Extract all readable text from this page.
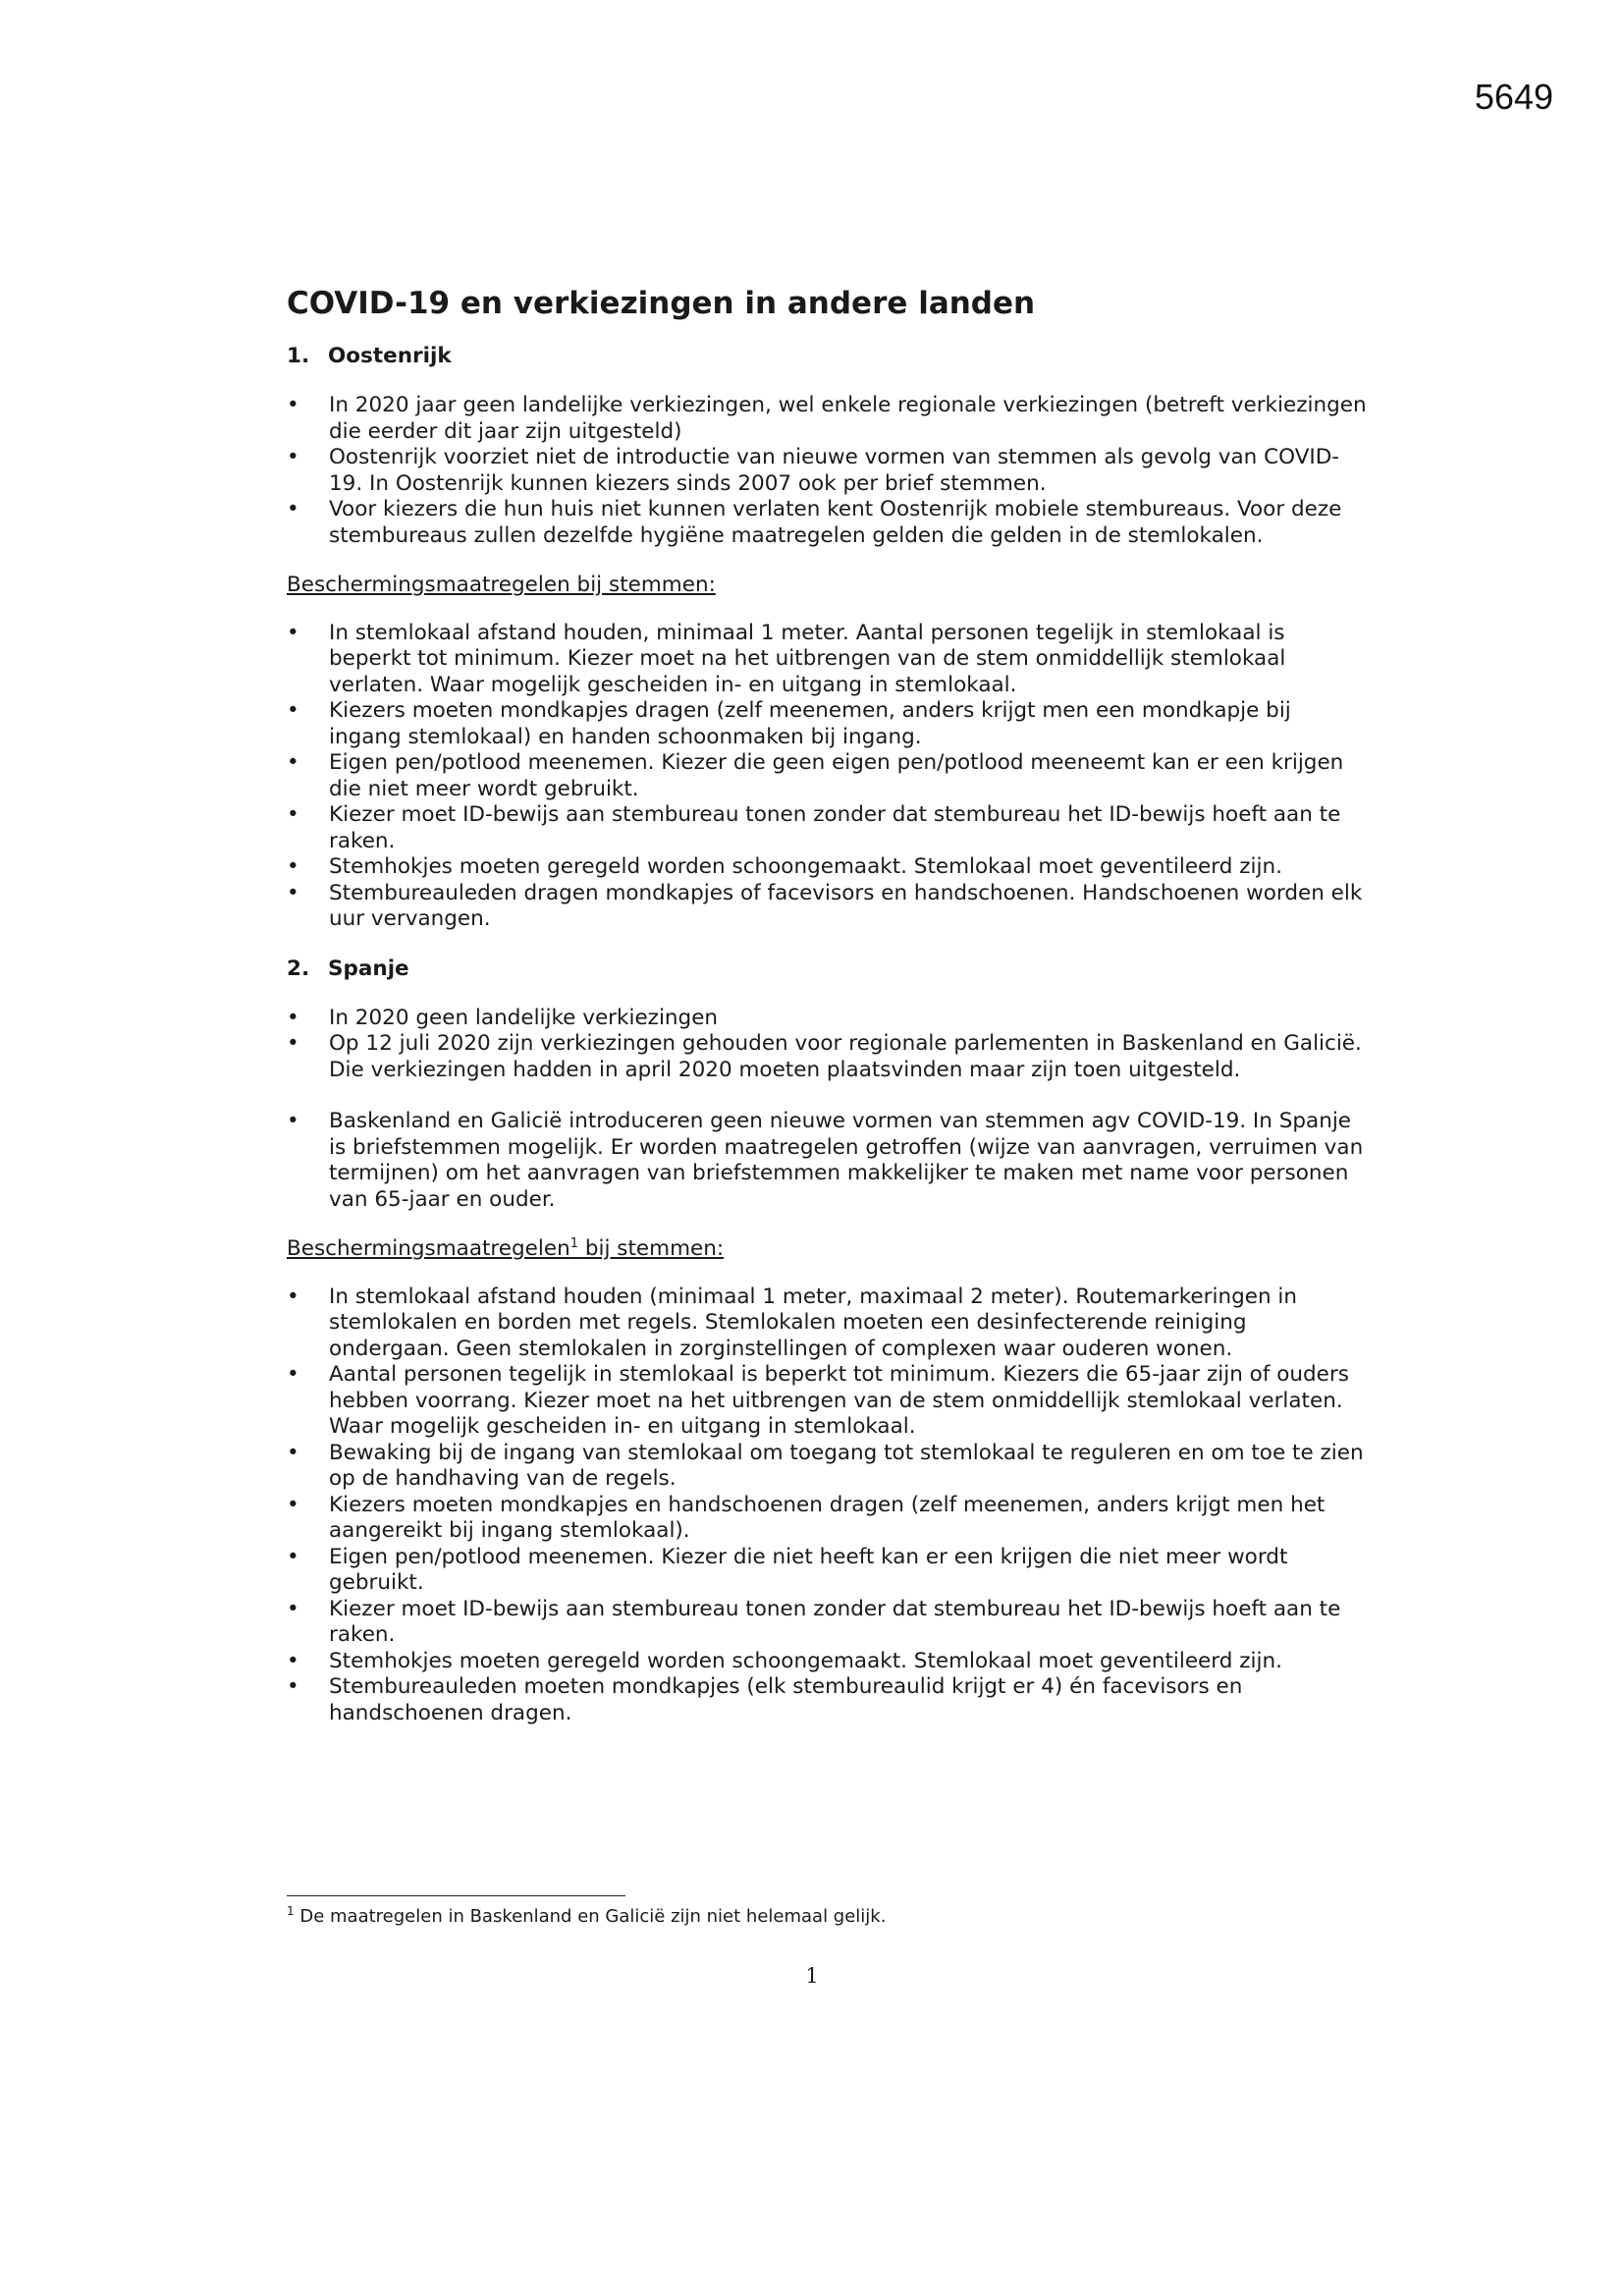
5649
COVID-19 en verkiezingen in andere landen
1. Oostenrijk
• In 2020 jaar geen landelijke verkiezingen, wel enkele regionale verkiezingen (betreft verkiezingen die eerder dit jaar zijn uitgesteld)
• Oostenrijk voorziet niet de introductie van nieuwe vormen van stemmen als gevolg van COVID-19. In Oostenrijk kunnen kiezers sinds 2007 ook per brief stemmen.
• Voor kiezers die hun huis niet kunnen verlaten kent Oostenrijk mobiele stembureaus. Voor deze stembureaus zullen dezelfde hygiëne maatregelen gelden die gelden in de stemlokalen.
Beschermingsmaatregelen bij stemmen:
• In stemlokaal afstand houden, minimaal 1 meter. Aantal personen tegelijk in stemlokaal is beperkt tot minimum. Kiezer moet na het uitbrengen van de stem onmiddellijk stemlokaal verlaten. Waar mogelijk gescheiden in- en uitgang in stemlokaal.
• Kiezers moeten mondkapjes dragen (zelf meenemen, anders krijgt men een mondkapje bij ingang stemlokaal) en handen schoonmaken bij ingang.
• Eigen pen/potlood meenemen. Kiezer die geen eigen pen/potlood meeneemt kan er een krijgen die niet meer wordt gebruikt.
• Kiezer moet ID-bewijs aan stembureau tonen zonder dat stembureau het ID-bewijs hoeft aan te raken.
• Stemhokjes moeten geregeld worden schoongemaakt. Stemlokaal moet geventileerd zijn.
• Stembureauleden dragen mondkapjes of facevisors en handschoenen. Handschoenen worden elk uur vervangen.
2. Spanje
• In 2020 geen landelijke verkiezingen
• Op 12 juli 2020 zijn verkiezingen gehouden voor regionale parlementen in Baskenland en Galicië. Die verkiezingen hadden in april 2020 moeten plaatsvinden maar zijn toen uitgesteld.
• Baskenland en Galicië introduceren geen nieuwe vormen van stemmen agv COVID-19. In Spanje is briefstemmen mogelijk. Er worden maatregelen getroffen (wijze van aanvragen, verruimen van termijnen) om het aanvragen van briefstemmen makkelijker te maken met name voor personen van 65-jaar en ouder.
Beschermingsmaatregelen$^1$ bij stemmen:
• In stemlokaal afstand houden (minimaal 1 meter, maximaal 2 meter). Routemarkeringen in stemlokalen en borden met regels. Stemlokalen moeten een desinfecterende reiniging ondergaan. Geen stemlokalen in zorginstellingen of complexen waar ouderen wonen.
• Aantal personen tegelijk in stemlokaal is beperkt tot minimum. Kiezers die 65-jaar zijn of ouders hebben voorrang. Kiezer moet na het uitbrengen van de stem onmiddellijk stemlokaal verlaten. Waar mogelijk gescheiden in- en uitgang in stemlokaal.
• Bewaking bij de ingang van stemlokaal om toegang tot stemlokaal te reguleren en om toe te zien op de handhaving van de regels.
• Kiezers moeten mondkapjes en handschoenen dragen (zelf meenemen, anders krijgt men het aangereikt bij ingang stemlokaal).
• Eigen pen/potlood meenemen. Kiezer die niet heeft kan er een krijgen die niet meer wordt gebruikt.
• Kiezer moet ID-bewijs aan stembureau tonen zonder dat stembureau het ID-bewijs hoeft aan te raken.
• Stemhokjes moeten geregeld worden schoongemaakt. Stemlokaal moet geventileerd zijn.
• Stembureauleden moeten mondkapjes (elk stembureaulid krijgt er 4) én facevisors en handschoenen dragen.
$^1$ De maatregelen in Baskenland en Galicië zijn niet helemaal gelijk.
1
